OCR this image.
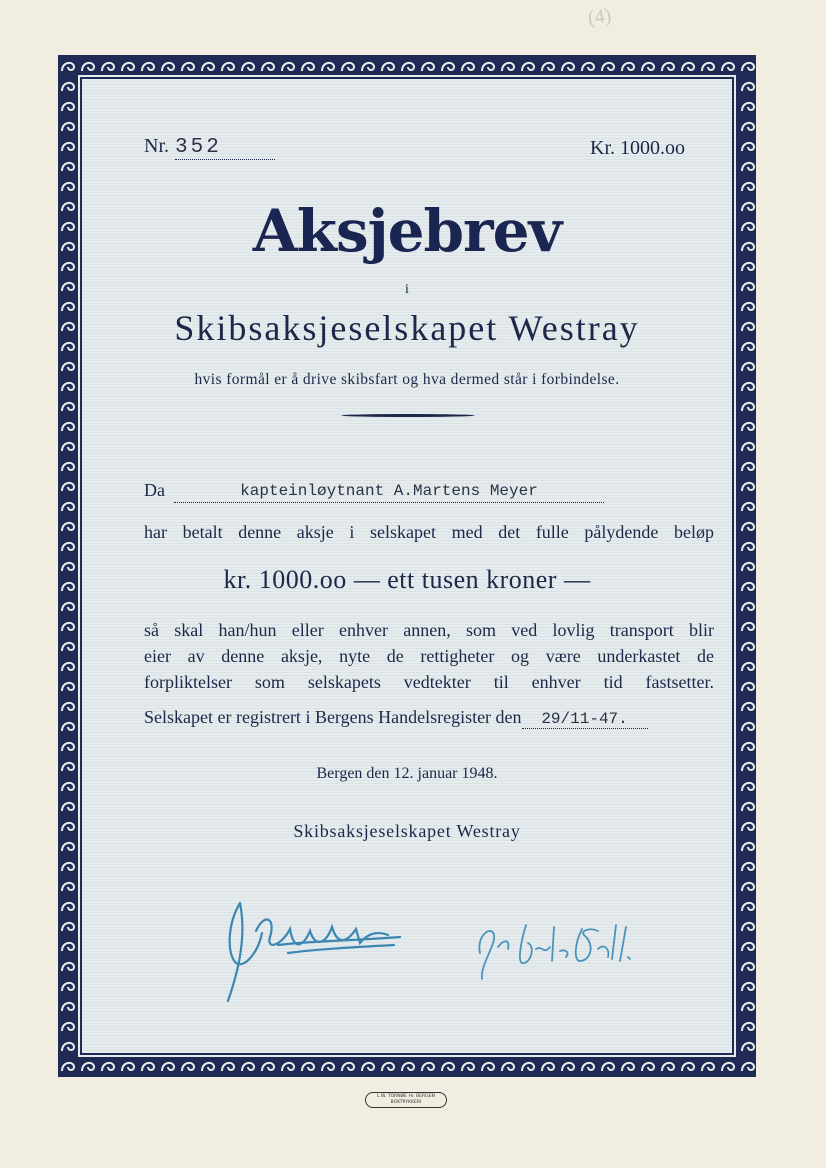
(4)
Nr. 352	Kr. 1000.oo
Aksjebrev
i
Skibsaksjeselskapet Westray
hvis formål er å drive skibsfart og hva dermed står i forbindelse.
Da	kapteinløytnant A.Martens Meyer
har betalt denne aksje i selskapet med det fulle pålydende beløp
kr. 1000.oo — ett tusen kroner —
så skal han/hun eller enhver annen, som ved lovlig transport blir
eier av denne aksje, nyte de rettigheter og være underkastet de
forpliktelser som selskapets vedtekter til enhver tid fastsetter.
Selskapet er registrert i Bergens Handelsregister den 29/11-47.
Bergen den 12. januar 1948.
Skibsaksjeselskapet Westray
L.W. TORNØE Hr. BERGEN BOKTRYKKERI
